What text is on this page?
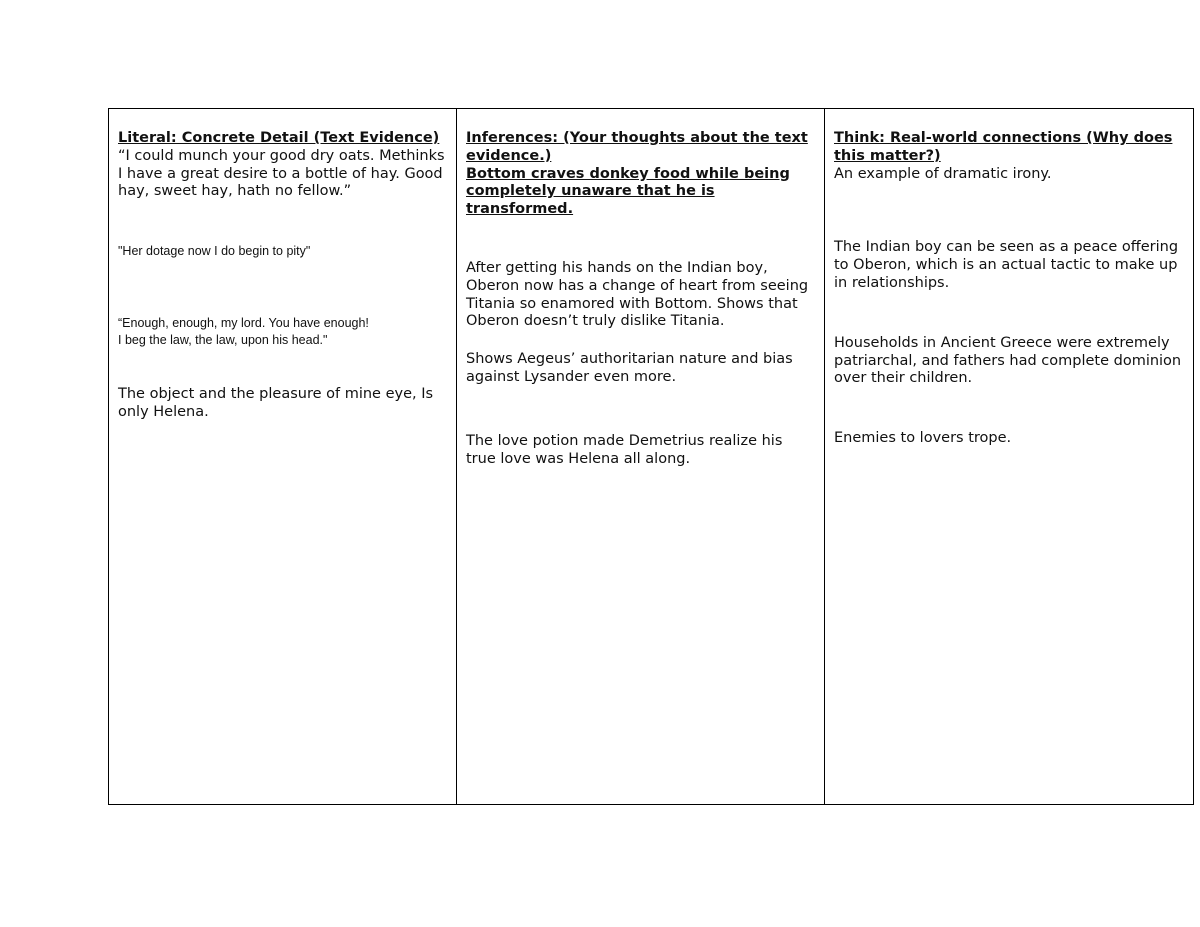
Literal: Concrete Detail (Text Evidence)
“I could munch your good dry oats. Methinks I have a great desire to a bottle of hay. Good hay, sweet hay, hath no fellow.”
"Her dotage now I do begin to pity"
“Enough, enough, my lord. You have enough!
I beg the law, the law, upon his head."
The object and the pleasure of mine eye, Is only Helena.
Inferences: (Your thoughts about the text evidence.)
Bottom craves donkey food while being completely unaware that he is transformed.
After getting his hands on the Indian boy, Oberon now has a change of heart from seeing Titania so enamored with Bottom. Shows that Oberon doesn’t truly dislike Titania.
Shows Aegeus’ authoritarian nature and bias against Lysander even more.
The love potion made Demetrius realize his true love was Helena all along.
Think: Real-world connections (Why does this matter?)
An example of dramatic irony.
The Indian boy can be seen as a peace offering to Oberon, which is an actual tactic to make up in relationships.
Households in Ancient Greece were extremely patriarchal, and fathers had complete dominion over their children.
Enemies to lovers trope.
